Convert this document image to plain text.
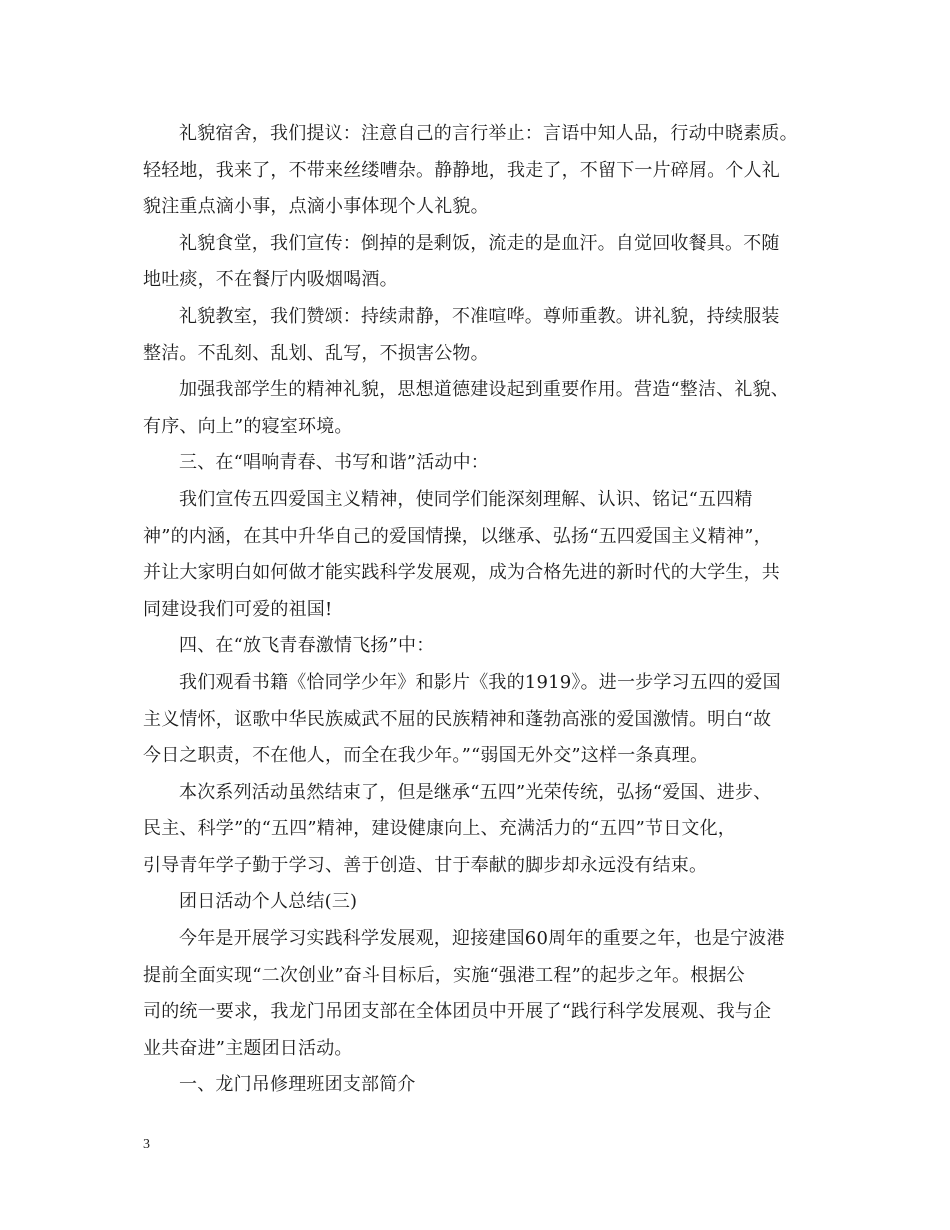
礼貌宿舍，我们提议：注意自己的言行举止：言语中知人品，行动中晓素质。
轻轻地，我来了，不带来丝缕嘈杂。静静地，我走了，不留下一片碎屑。个人礼
貌注重点滴小事，点滴小事体现个人礼貌。
礼貌食堂，我们宣传：倒掉的是剩饭，流走的是血汗。自觉回收餐具。不随
地吐痰，不在餐厅内吸烟喝酒。
礼貌教室，我们赞颂：持续肃静，不准喧哗。尊师重教。讲礼貌，持续服装
整洁。不乱刻、乱划、乱写，不损害公物。
加强我部学生的精神礼貌，思想道德建设起到重要作用。营造“整洁、礼貌、
有序、向上”的寝室环境。
三、在“唱响青春、书写和谐”活动中：
我们宣传五四爱国主义精神，使同学们能深刻理解、认识、铭记“五四精
神”的内涵，在其中升华自己的爱国情操，以继承、弘扬“五四爱国主义精神”，
并让大家明白如何做才能实践科学发展观，成为合格先进的新时代的大学生，共
同建设我们可爱的祖国!
四、在“放飞青春激情飞扬”中：
我们观看书籍《恰同学少年》和影片《我的1919》。进一步学习五四的爱国
主义情怀，讴歌中华民族威武不屈的民族精神和蓬勃高涨的爱国激情。明白“故
今日之职责，不在他人，而全在我少年。”“弱国无外交”这样一条真理。
本次系列活动虽然结束了，但是继承“五四”光荣传统，弘扬“爱国、进步、
民主、科学”的“五四”精神，建设健康向上、充满活力的“五四”节日文化，
引导青年学子勤于学习、善于创造、甘于奉献的脚步却永远没有结束。
团日活动个人总结(三)
今年是开展学习实践科学发展观，迎接建国60周年的重要之年，也是宁波港
提前全面实现“二次创业”奋斗目标后，实施“强港工程”的起步之年。根据公
司的统一要求，我龙门吊团支部在全体团员中开展了“践行科学发展观、我与企
业共奋进”主题团日活动。
一、龙门吊修理班团支部简介
3
